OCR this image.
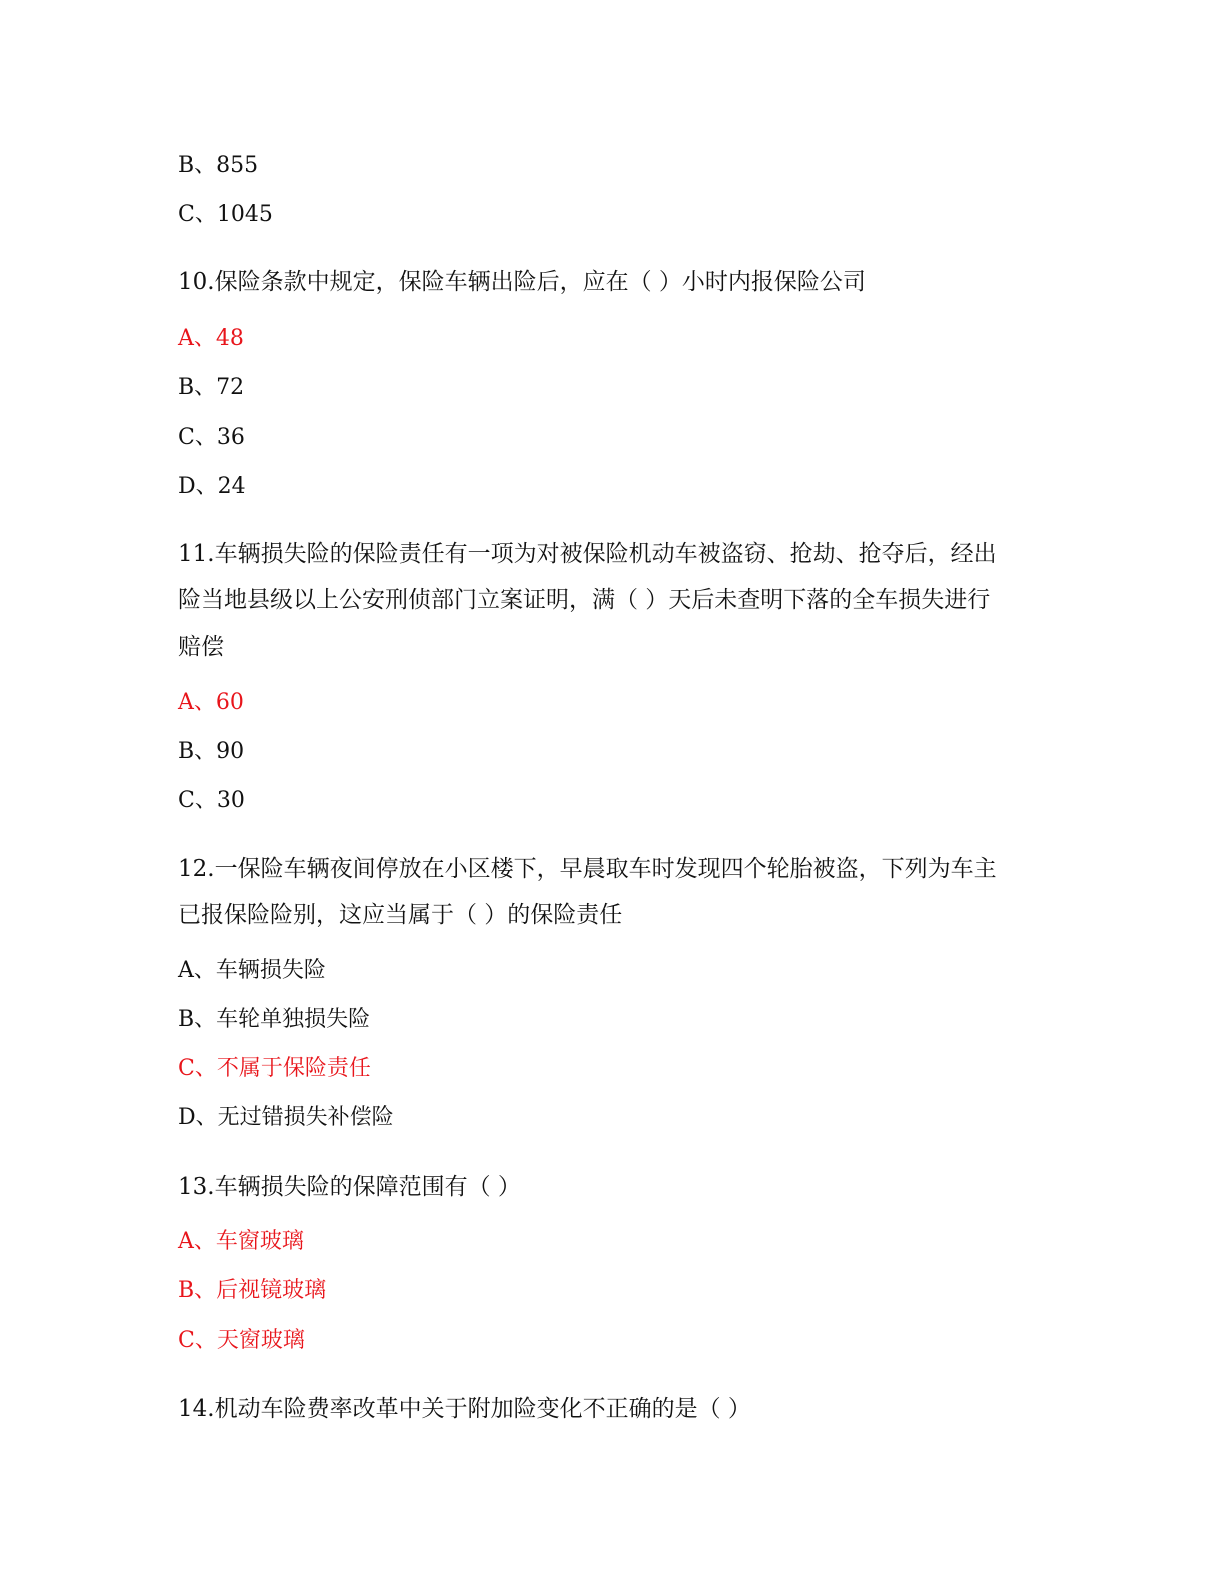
B、855
C、1045
10.保险条款中规定，保险车辆出险后，应在（ ）小时内报保险公司
A、48
B、72
C、36
D、24
11.车辆损失险的保险责任有一项为对被保险机动车被盗窃、抢劫、抢夺后，经出
险当地县级以上公安刑侦部门立案证明，满（ ）天后未查明下落的全车损失进行
赔偿
A、60
B、90
C、30
12.一保险车辆夜间停放在小区楼下，早晨取车时发现四个轮胎被盗，下列为车主
已报保险险别，这应当属于（ ）的保险责任
A、车辆损失险
B、车轮单独损失险
C、不属于保险责任
D、无过错损失补偿险
13.车辆损失险的保障范围有（ ）
A、车窗玻璃
B、后视镜玻璃
C、天窗玻璃
14.机动车险费率改革中关于附加险变化不正确的是（ ）
